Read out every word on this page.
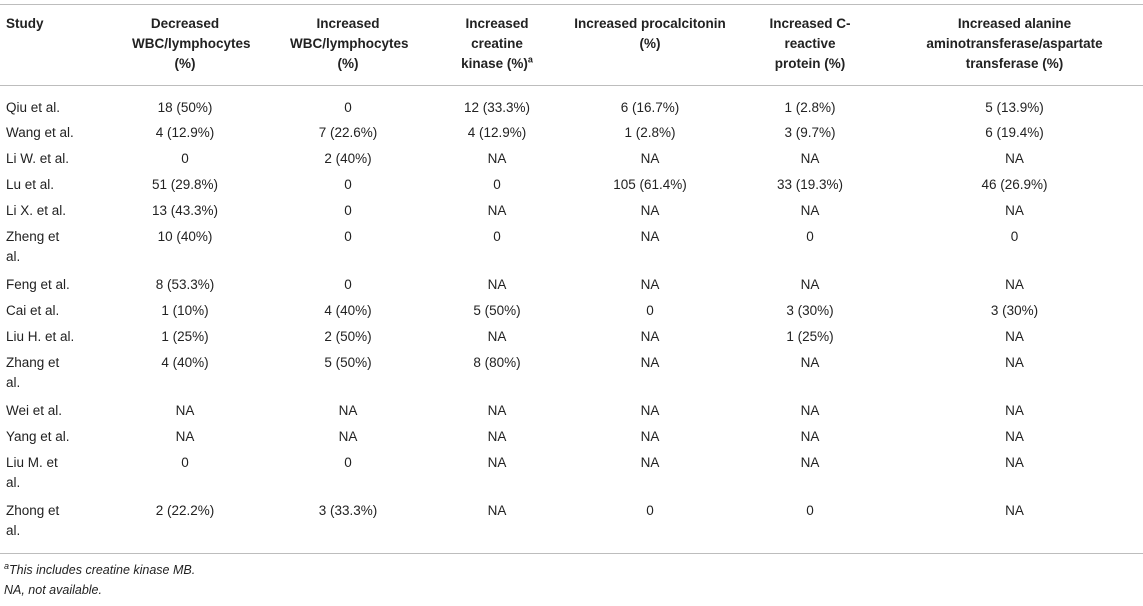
Study	Decreased WBC/lymphocytes (%)	Increased WBC/lymphocytes (%)	Increased creatine kinase (%)$^a$	Increased procalcitonin (%)	Increased C-reactive protein (%)	Increased alanine aminotransferase/aspartate transferase (%)
Qiu et al.	18 (50%)	0	12 (33.3%)	6 (16.7%)	1 (2.8%)	5 (13.9%)
Wang et al.	4 (12.9%)	7 (22.6%)	4 (12.9%)	1 (2.8%)	3 (9.7%)	6 (19.4%)
Li W. et al.	0	2 (40%)	NA	NA	NA	NA
Lu et al.	51 (29.8%)	0	0	105 (61.4%)	33 (19.3%)	46 (26.9%)
Li X. et al.	13 (43.3%)	0	NA	NA	NA	NA
Zheng et al.	10 (40%)	0	0	NA	0	0
Feng et al.	8 (53.3%)	0	NA	NA	NA	NA
Cai et al.	1 (10%)	4 (40%)	5 (50%)	0	3 (30%)	3 (30%)
Liu H. et al.	1 (25%)	2 (50%)	NA	NA	1 (25%)	NA
Zhang et al.	4 (40%)	5 (50%)	8 (80%)	NA	NA	NA
Wei et al.	NA	NA	NA	NA	NA	NA
Yang et al.	NA	NA	NA	NA	NA	NA
Liu M. et al.	0	0	NA	NA	NA	NA
Zhong et al.	2 (22.2%)	3 (33.3%)	NA	0	0	NA
$^a$This includes creatine kinase MB.
NA, not available.
